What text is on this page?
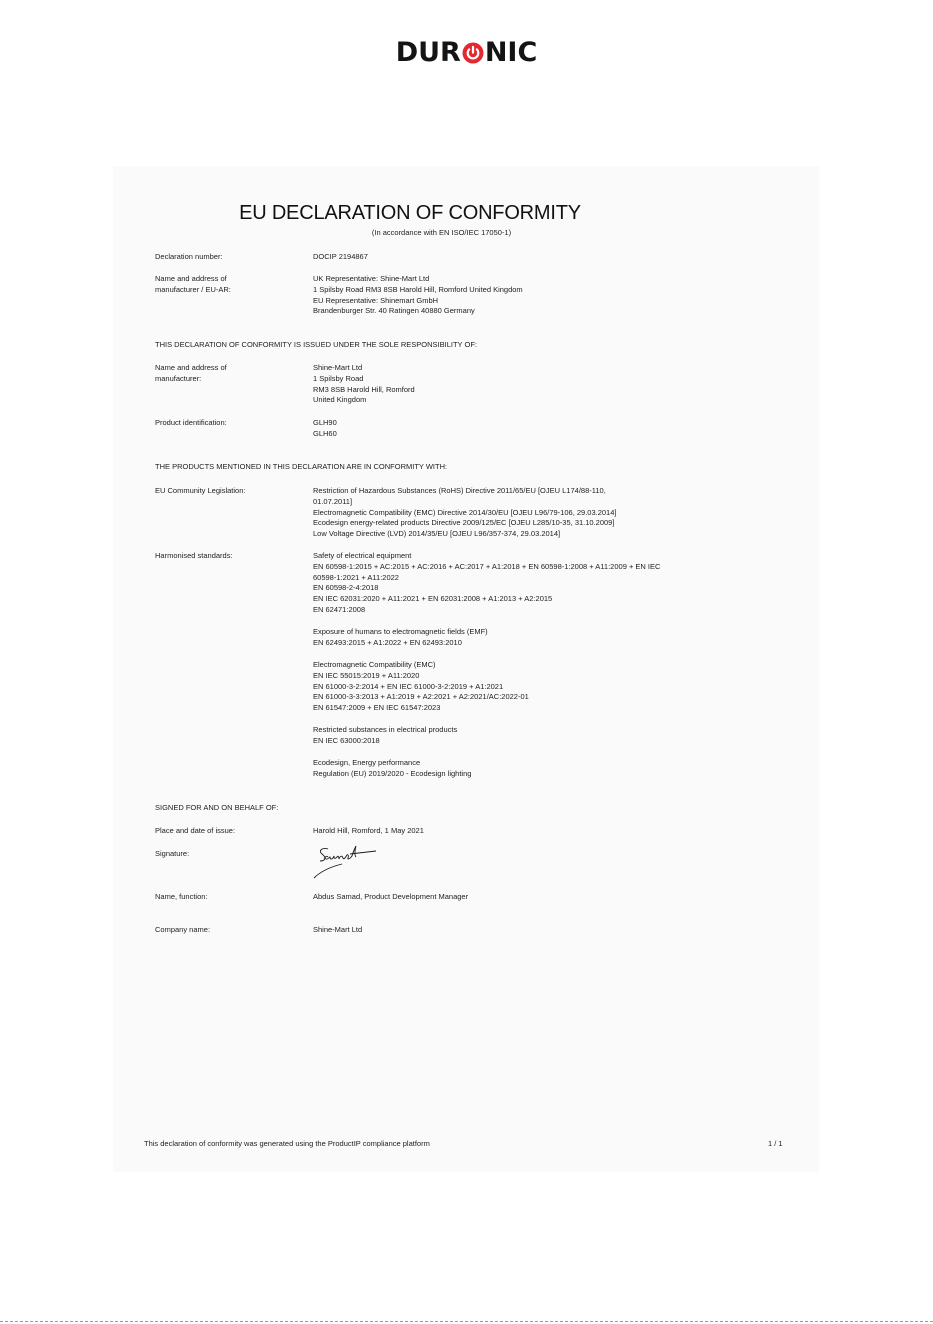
DUR NIC
EU DECLARATION OF CONFORMITY
(In accordance with EN ISO/IEC 17050-1)
Declaration number:	DOCIP 2194867
Name and address of
manufacturer / EU-AR:
UK Representative: Shine-Mart Ltd
1 Spilsby Road RM3 8SB Harold Hill, Romford United Kingdom
EU Representative: Shinemart GmbH
Brandenburger Str. 40 Ratingen 40880 Germany
THIS DECLARATION OF CONFORMITY IS ISSUED UNDER THE SOLE RESPONSIBILITY OF:
Name and address of
manufacturer:
Shine-Mart Ltd
1 Spilsby Road
RM3 8SB Harold Hill, Romford
United Kingdom
Product identification:	GLH90
GLH60
THE PRODUCTS MENTIONED IN THIS DECLARATION ARE IN CONFORMITY WITH:
EU Community Legislation:	Restriction of Hazardous Substances (RoHS) Directive 2011/65/EU [OJEU L174/88-110,
01.07.2011]
Electromagnetic Compatibility (EMC) Directive 2014/30/EU [OJEU L96/79-106, 29.03.2014]
Ecodesign energy-related products Directive 2009/125/EC [OJEU L285/10-35, 31.10.2009]
Low Voltage Directive (LVD) 2014/35/EU [OJEU L96/357-374, 29.03.2014]
Harmonised standards:	Safety of electrical equipment
EN 60598-1:2015 + AC:2015 + AC:2016 + AC:2017 + A1:2018 + EN 60598-1:2008 + A11:2009 + EN IEC
60598-1:2021 + A11:2022
EN 60598-2-4:2018
EN IEC 62031:2020 + A11:2021 + EN 62031:2008 + A1:2013 + A2:2015
EN 62471:2008
Exposure of humans to electromagnetic fields (EMF)
EN 62493:2015 + A1:2022 + EN 62493:2010
Electromagnetic Compatibility (EMC)
EN IEC 55015:2019 + A11:2020
EN 61000-3-2:2014 + EN IEC 61000-3-2:2019 + A1:2021
EN 61000-3-3:2013 + A1:2019 + A2:2021 + A2:2021/AC:2022-01
EN 61547:2009 + EN IEC 61547:2023
Restricted substances in electrical products
EN IEC 63000:2018
Ecodesign, Energy performance
Regulation (EU) 2019/2020 - Ecodesign lighting
SIGNED FOR AND ON BEHALF OF:
Place and date of issue:	Harold Hill, Romford, 1 May 2021
Signature:
Name, function:	Abdus Samad, Product Development Manager
Company name:	Shine-Mart Ltd
This declaration of conformity was generated using the ProductIP compliance platform	1 / 1
